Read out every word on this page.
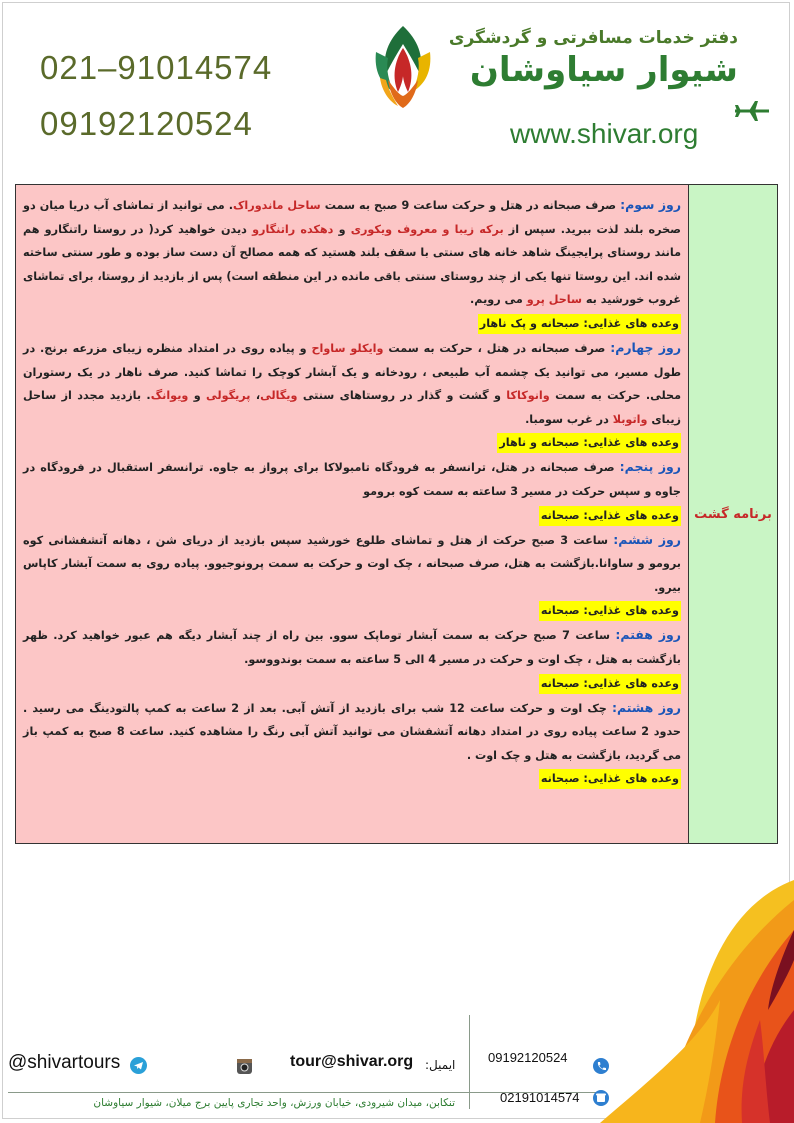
021–91014574
09192120524
دفتر خدمات مسافرتی و گردشگری
شیوار سیاوشان
www.shivar.org

روز سوم: صرف صبحانه در هتل و حرکت ساعت 9 صبح به سمت ساحل ماندوراک. می توانید از تماشای آب دریا میان دو صخره بلند لذت ببرید. سپس از برکه زیبا و معروف ویکوری و دهکده راتنگارو دیدن خواهید کرد( در روستا راتنگارو هم مانند روستای پرایجینگ شاهد خانه های سنتی با سقف بلند هستید که همه مصالح آن دست ساز بوده و طور سنتی ساخته شده اند. این روستا تنها یکی از چند روستای سنتی باقی مانده در این منطقه است) پس از بازدید از روستا، برای تماشای غروب خورشید به ساحل پرو می رویم.

وعده های غذایی: صبحانه و پک ناهار

روز چهارم: صرف صبحانه در هتل ، حرکت به سمت وایکلو ساواح و پیاده روی در امتداد منظره زیبای مزرعه برنج. در طول مسیر، می توانید یک چشمه آب طبیعی ، رودخانه و یک آبشار کوچک را تماشا کنید. صرف ناهار در یک رستوران محلی. حرکت به سمت وانوکاکا و گشت و گذار در روستاهای سنتی ویگالی، پریگولی و ویوانگ. بازدید مجدد از ساحل زیبای واتوبلا در غرب سومبا.

وعده های غذایی: صبحانه و ناهار

روز پنجم: صرف صبحانه در هتل، ترانسفر به فرودگاه تامبولاکا برای پرواز به جاوه. ترانسفر استقبال در فرودگاه در جاوه و سپس حرکت در مسیر 3 ساعته به سمت کوه برومو

وعده های غذایی: صبحانه

روز ششم: ساعت 3 صبح حرکت از هتل و تماشای طلوع خورشید سپس بازدید از دریای شن ، دهانه آتشفشانی کوه برومو و ساوانا.بازگشت به هتل، صرف صبحانه ، چک اوت و حرکت به سمت پرونوجیوو. پیاده روی به سمت آبشار کاپاس بیرو.

وعده های غذایی: صبحانه

روز هفتم: ساعت 7 صبح حرکت به سمت آبشار توماپک سوو. بین راه از چند آبشار دیگه هم عبور خواهید کرد. ظهر بازگشت به هتل ، چک اوت و حرکت در مسیر 4 الی 5 ساعته به سمت بوندووسو.

وعده های غذایی: صبحانه

روز هشتم: چک اوت و حرکت ساعت 12 شب برای بازدید از آتش آبی. بعد از 2 ساعت به کمپ پالتودینگ می رسید . حدود 2 ساعت پیاده روی در امتداد دهانه آتشفشان می توانید آتش آبی رنگ را مشاهده کنید. ساعت 8 صبح به کمپ باز می گردید، بازگشت به هتل و چک اوت .

وعده های غذایی: صبحانه
برنامه گشت
@shivartours	tour@shivar.org ایمیل:	09192120524
02191014574
تنکابن، میدان شیرودی، خیابان ورزش، واحد تجاری پایین برج میلان، شیوار سیاوشان
